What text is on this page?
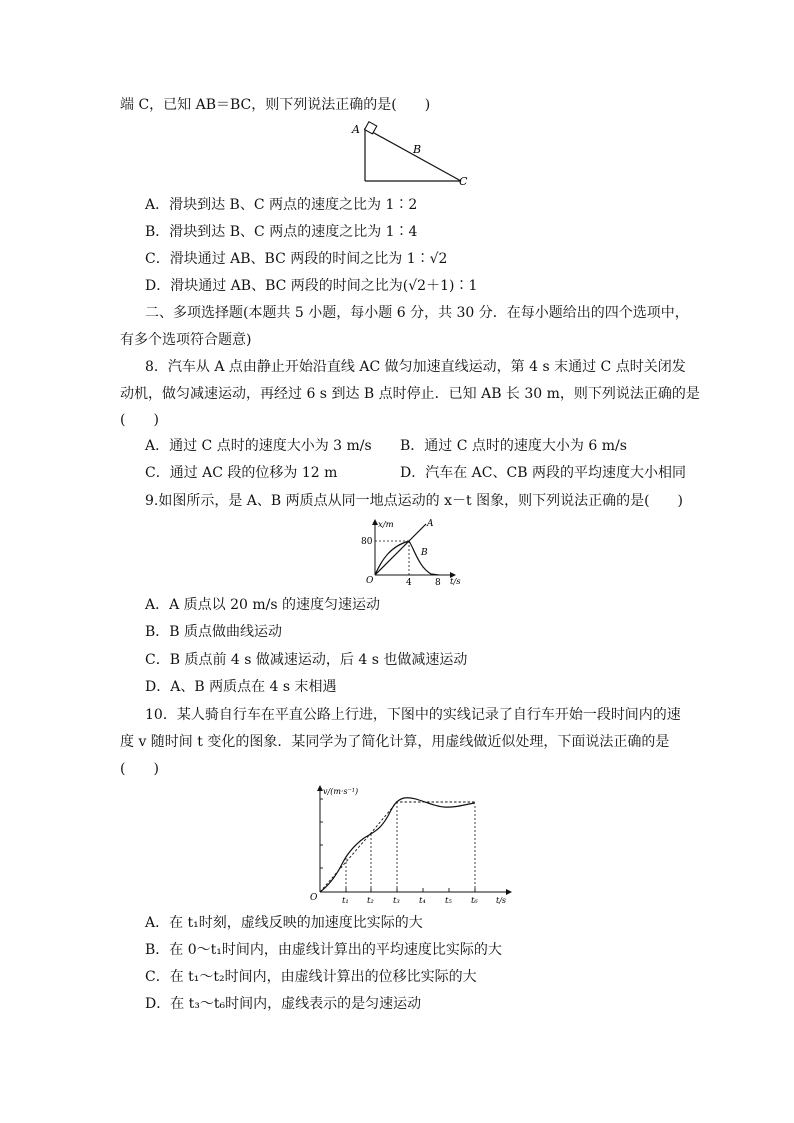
端 C，已知 AB＝BC，则下列说法正确的是(　　)
A
B
C
A．滑块到达 B、C 两点的速度之比为 1∶2
B．滑块到达 B、C 两点的速度之比为 1∶4
C．滑块通过 AB、BC 两段的时间之比为 1∶√2
D．滑块通过 AB、BC 两段的时间之比为(√2＋1)∶1
二、多项选择题(本题共 5 小题，每小题 6 分，共 30 分．在每小题给出的四个选项中，
有多个选项符合题意)
8．汽车从 A 点由静止开始沿直线 AC 做匀加速直线运动，第 4 s 末通过 C 点时关闭发
动机，做匀减速运动，再经过 6 s 到达 B 点时停止．已知 AB 长 30 m，则下列说法正确的是
(　　)
A．通过 C 点时的速度大小为 3 m/s B．通过 C 点时的速度大小为 6 m/s
C．通过 AC 段的位移为 12 m	D．汽车在 AC、CB 两段的平均速度大小相同
9.如图所示，是 A、B 两质点从同一地点运动的 x－t 图象，则下列说法正确的是(　　)
x/m
t/s
O
80
4	8
A
B
A．A 质点以 20 m/s 的速度匀速运动
B．B 质点做曲线运动
C．B 质点前 4 s 做减速运动，后 4 s 也做减速运动
D．A、B 两质点在 4 s 末相遇
10．某人骑自行车在平直公路上行进，下图中的实线记录了自行车开始一段时间内的速
度 v 随时间 t 变化的图象．某同学为了简化计算，用虚线做近似处理，下面说法正确的是
(　　)
v/(m·s⁻¹)
t/s
O	t₁ t₂ t₃ t₄ t₅ t₆
A．在 t₁时刻，虚线反映的加速度比实际的大
B．在 0～t₁时间内，由虚线计算出的平均速度比实际的大
C．在 t₁～t₂时间内，由虚线计算出的位移比实际的大
D．在 t₃～t₆时间内，虚线表示的是匀速运动
